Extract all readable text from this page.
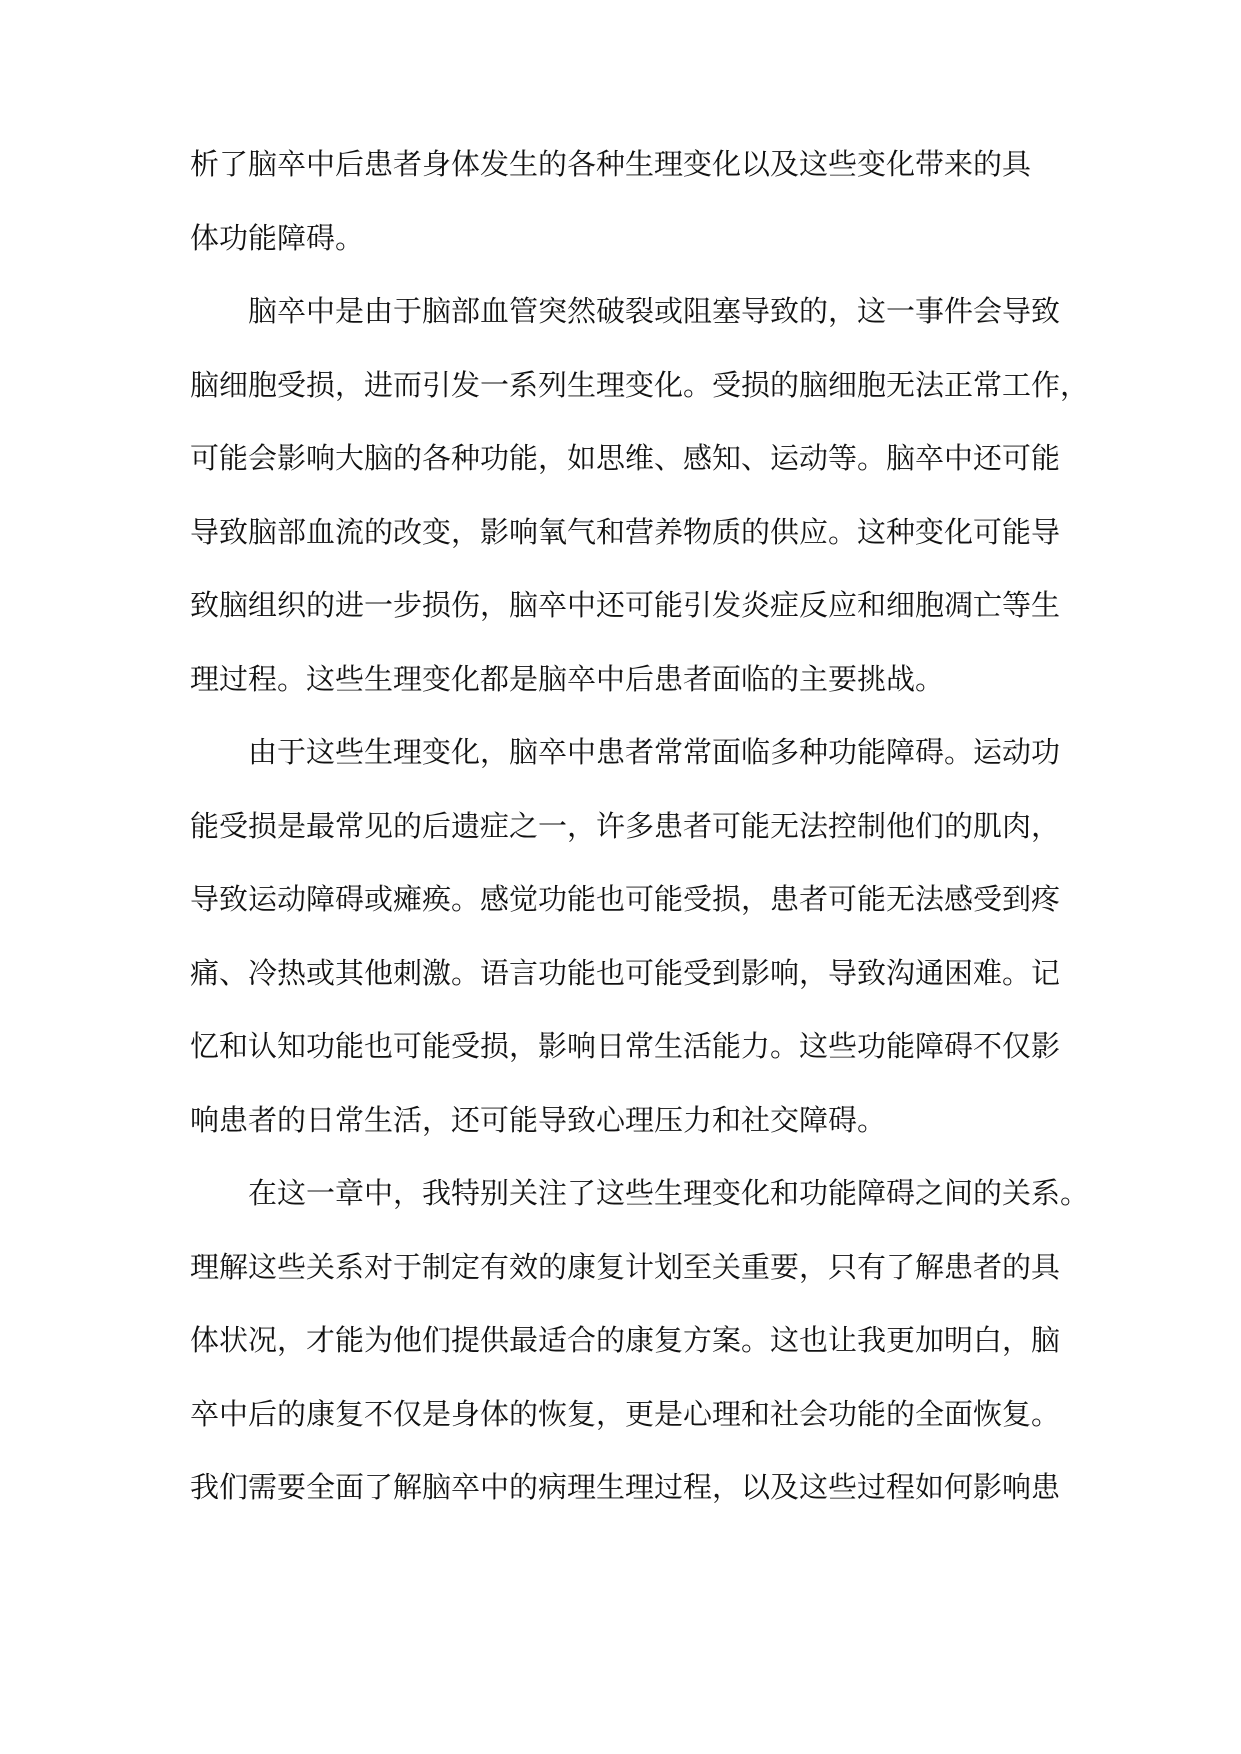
析了脑卒中后患者身体发生的各种生理变化以及这些变化带来的具
体功能障碍。
脑卒中是由于脑部血管突然破裂或阻塞导致的，这一事件会导致
脑细胞受损，进而引发一系列生理变化。受损的脑细胞无法正常工作，
可能会影响大脑的各种功能，如思维、感知、运动等。脑卒中还可能
导致脑部血流的改变，影响氧气和营养物质的供应。这种变化可能导
致脑组织的进一步损伤，脑卒中还可能引发炎症反应和细胞凋亡等生
理过程。这些生理变化都是脑卒中后患者面临的主要挑战。
由于这些生理变化，脑卒中患者常常面临多种功能障碍。运动功
能受损是最常见的后遗症之一，许多患者可能无法控制他们的肌肉，
导致运动障碍或瘫痪。感觉功能也可能受损，患者可能无法感受到疼
痛、冷热或其他刺激。语言功能也可能受到影响，导致沟通困难。记
忆和认知功能也可能受损，影响日常生活能力。这些功能障碍不仅影
响患者的日常生活，还可能导致心理压力和社交障碍。
在这一章中，我特别关注了这些生理变化和功能障碍之间的关系。
理解这些关系对于制定有效的康复计划至关重要，只有了解患者的具
体状况，才能为他们提供最适合的康复方案。这也让我更加明白，脑
卒中后的康复不仅是身体的恢复，更是心理和社会功能的全面恢复。
我们需要全面了解脑卒中的病理生理过程，以及这些过程如何影响患
